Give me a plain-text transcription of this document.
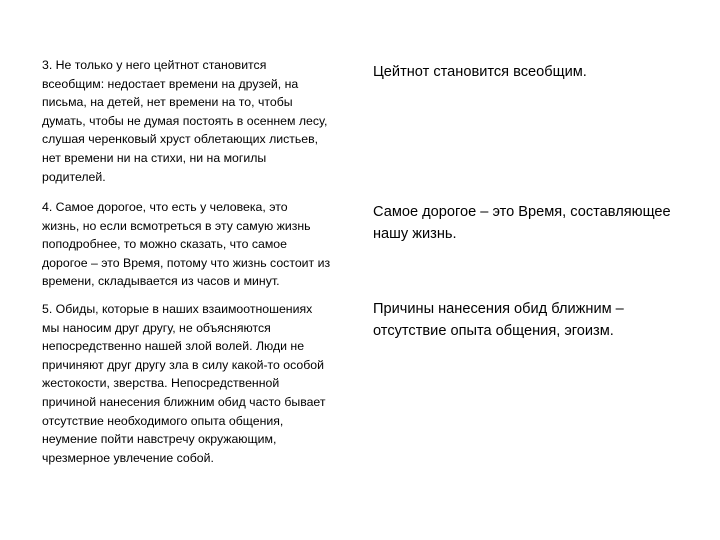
3. Не только у него цейтнот становится
всеобщим: недостает времени на друзей, на
письма, на детей, нет времени на то, чтобы
думать, чтобы не думая постоять в осеннем лесу,
слушая черенковый хруст облетающих листьев,
нет времени ни на стихи, ни на могилы
родителей.
Цейтнот становится всеобщим.
4. Самое дорогое, что есть у человека, это
жизнь, но если всмотреться в эту самую жизнь
поподробнее, то можно сказать, что самое
дорогое – это Время, потому что жизнь состоит из
времени, складывается из часов и минут.
Самое дорогое – это Время, составляющее
нашу жизнь.
5. Обиды, которые в наших взаимоотношениях
мы наносим друг другу, не объясняются
непосредственно нашей злой волей. Люди не
причиняют друг другу зла в силу какой-то особой
жестокости, зверства. Непосредственной
причиной нанесения ближним обид часто бывает
отсутствие необходимого опыта общения,
неумение пойти навстречу окружающим,
чрезмерное увлечение собой.
Причины нанесения обид ближним –
отсутствие опыта общения, эгоизм.
